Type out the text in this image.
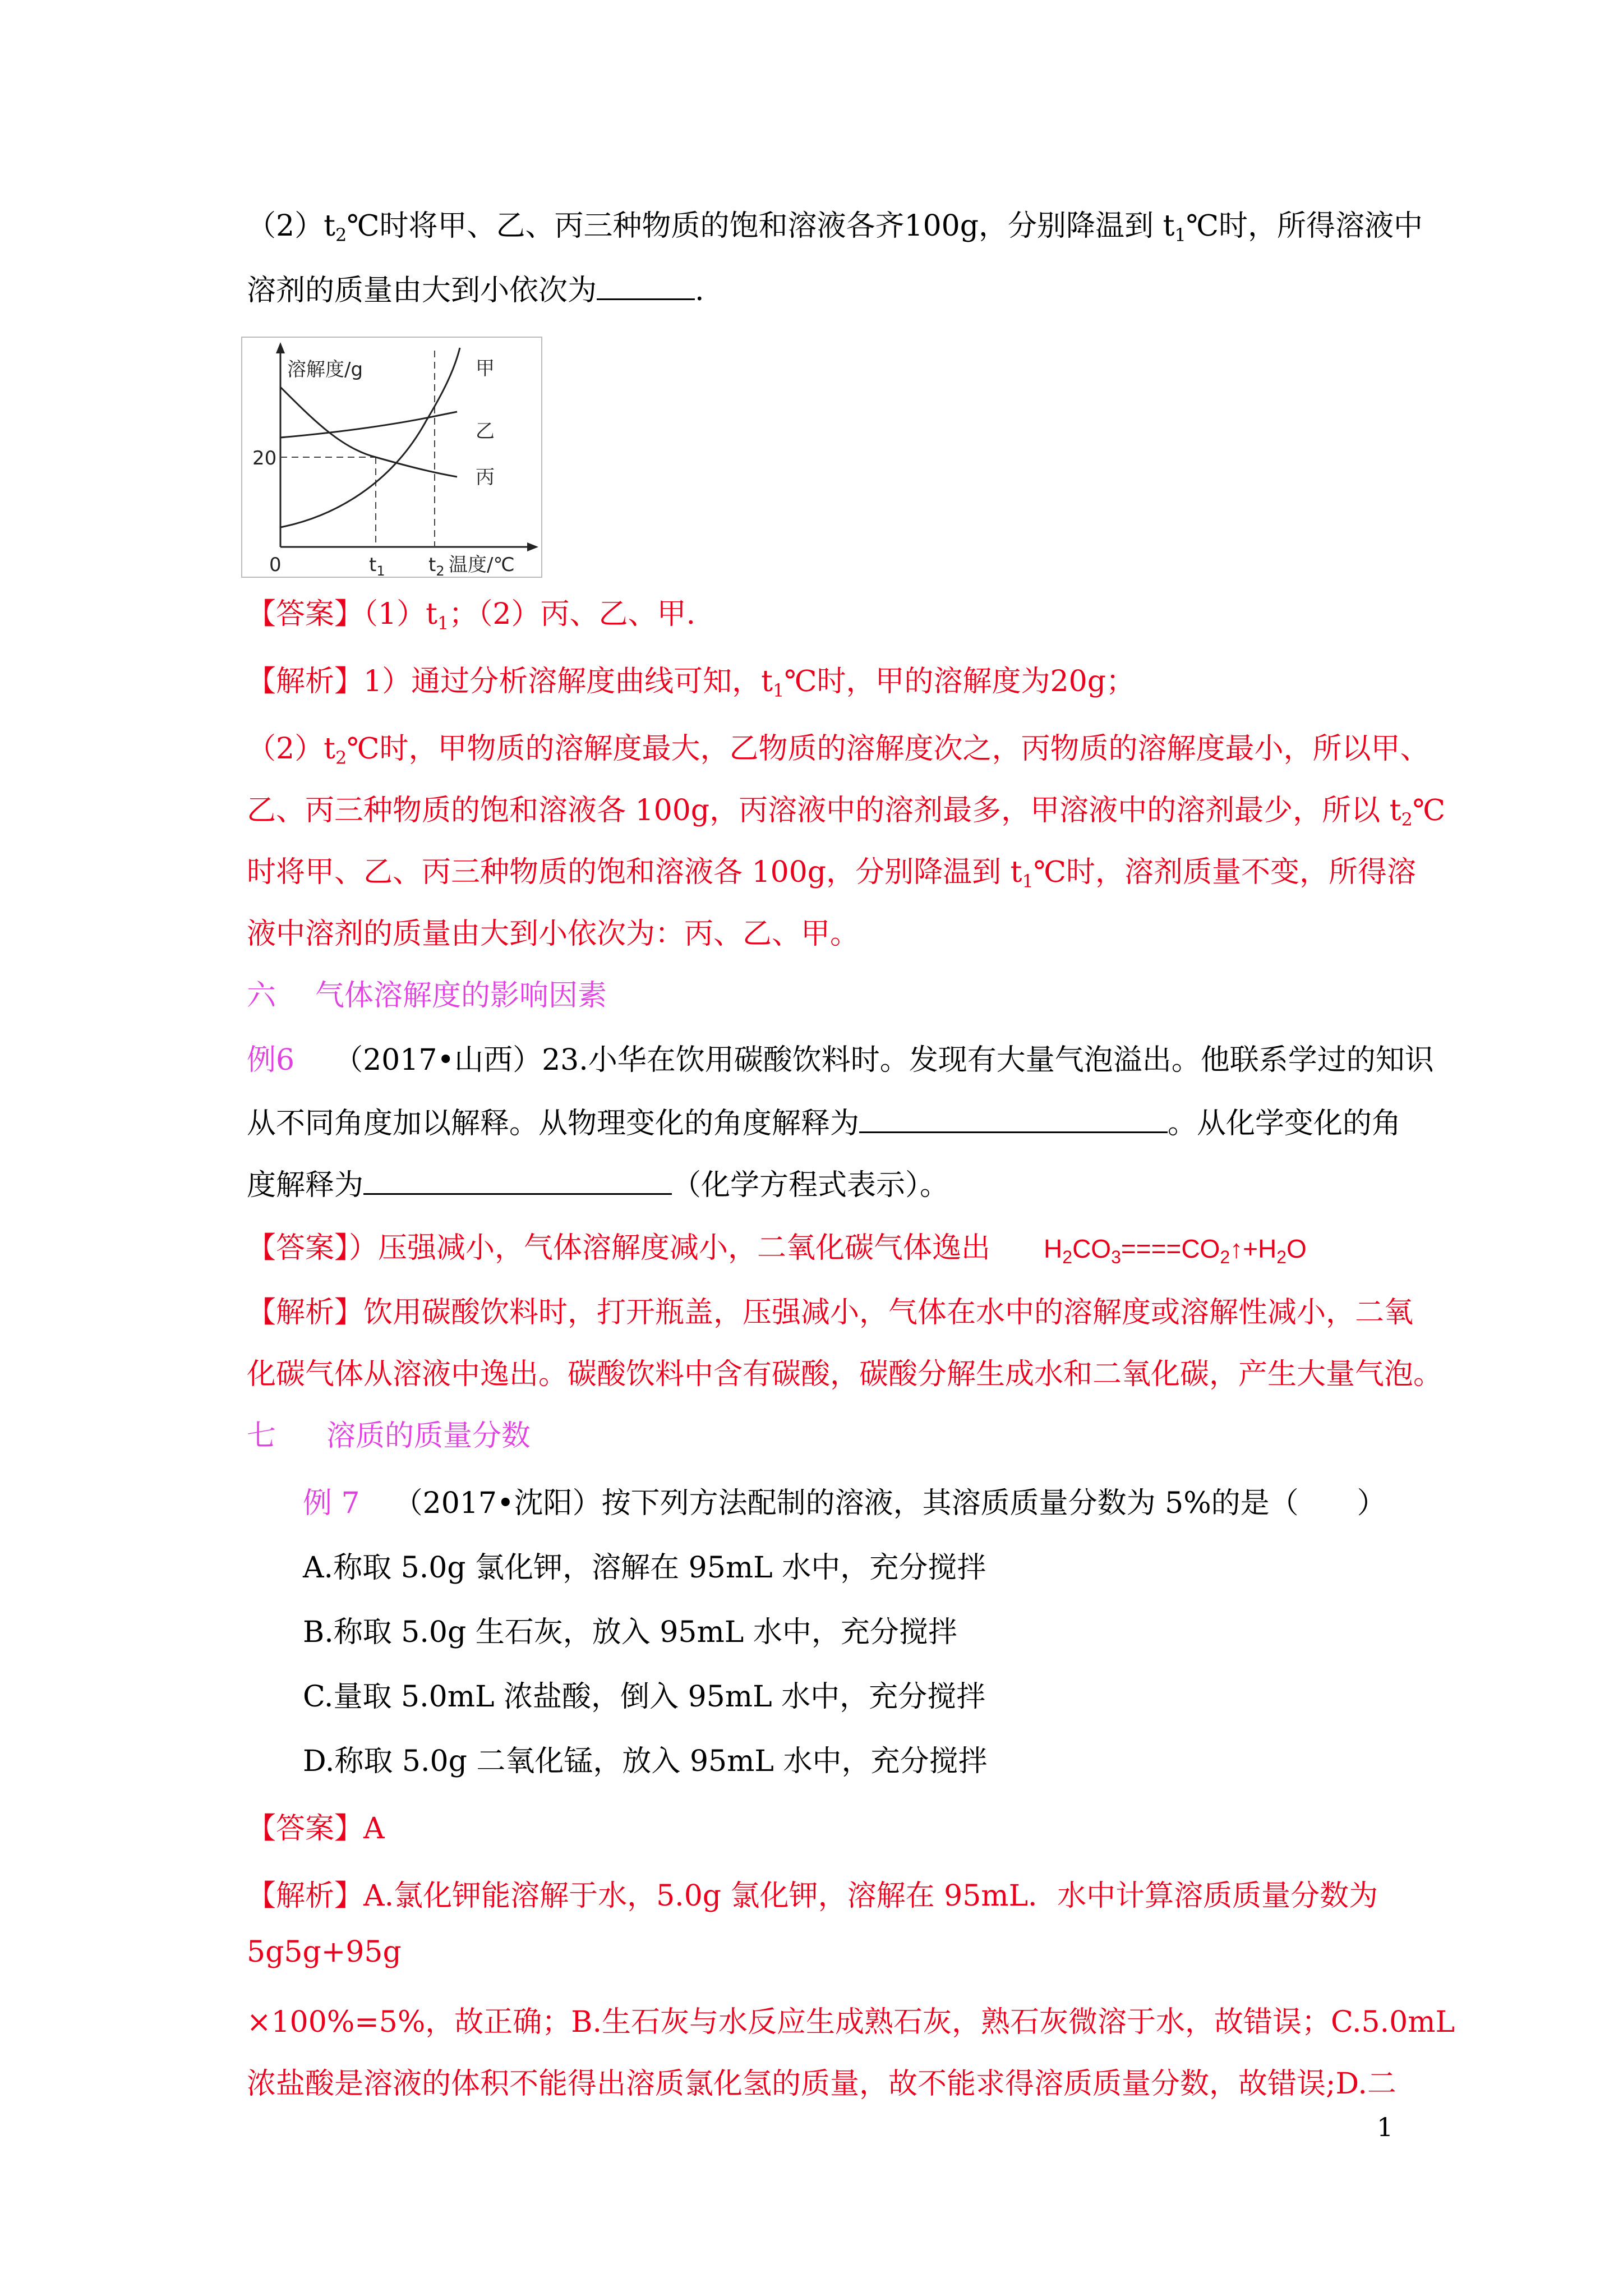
$(2)t_2℃$时将甲、乙、丙三种物质的饱和溶液各齐100g，分别降温到 $t_1℃$时，所得溶液中
溶剂的质量由大到小依次为	.
溶解度/g	甲
乙
丙
20
0	$t_1$ $t_2$ 温度/℃
【答案】$(1)t_1$；（2）丙、乙、甲.
【解析】1）通过分析溶解度曲线可知，$t_1℃$时，甲的溶解度为20g；
$(2)t_2℃$时，甲物质的溶解度最大，乙物质的溶解度次之，丙物质的溶解度最小，所以甲、
乙、丙三种物质的饱和溶液各 100g，丙溶液中的溶剂最多，甲溶液中的溶剂最少，所以 $t_2℃$
时将甲、乙、丙三种物质的饱和溶液各 100g，分别降温到 $t_1℃$时，溶剂质量不变，所得溶
液中溶剂的质量由大到小依次为：丙、乙、甲。
六 气体溶解度的影响因素
例6 （2017•山西）23.小华在饮用碳酸饮料时。发现有大量气泡溢出。他联系学过的知识
从不同角度加以解释。从物理变化的角度解释为	。从化学变化的角
度解释为	（化学方程式表示）。
【答案】）压强减小，气体溶解度减小，二氧化碳气体逸出 $H_2CO_3====CO_2↑+H_2O$
【解析】饮用碳酸饮料时，打开瓶盖，压强减小，气体在水中的溶解度或溶解性减小，二氧
化碳气体从溶液中逸出。碳酸饮料中含有碳酸，碳酸分解生成水和二氧化碳，产生大量气泡。
七 溶质的质量分数
例 7 （2017•沈阳）按下列方法配制的溶液，其溶质质量分数为 5%的是（　　）
A.称取 5.0g 氯化钾，溶解在 95mL 水中，充分搅拌
B.称取 5.0g 生石灰，放入 95mL 水中，充分搅拌
C.量取 5.0mL 浓盐酸，倒入 95mL 水中，充分搅拌
D.称取 5.0g 二氧化锰，放入 95mL 水中，充分搅拌
【答案】A
【解析】A.氯化钾能溶解于水，5.0g 氯化钾，溶解在 95mL．水中计算溶质质量分数为
5g5g+95g
×100%=5%，故正确；B.生石灰与水反应生成熟石灰，熟石灰微溶于水，故错误；C.5.0mL
浓盐酸是溶液的体积不能得出溶质氯化氢的质量，故不能求得溶质质量分数，故错误;D.二
1
